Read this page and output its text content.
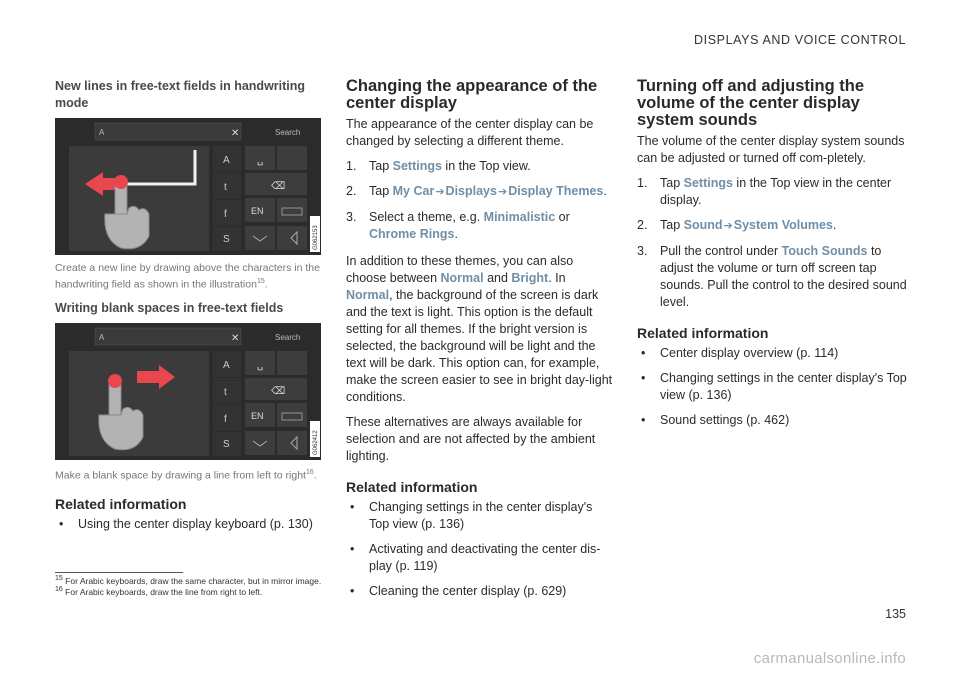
DISPLAYS AND VOICE CONTROL
New lines in free-text fields in handwriting mode
A	✕	Search
A
t
f
S
␣
⌫
EN
G062153
Create a new line by drawing above the characters in the handwriting field as shown in the illustration$^{15}$.
Writing blank spaces in free-text fields
A	✕	Search
A
t
f
S
␣
⌫
EN
G062412
Make a blank space by drawing a line from left to right$^{16}$.
Related information
• Using the center display keyboard (p. 130)
Changing the appearance of the center display

The appearance of the center display can be changed by selecting a different theme.

1. Tap Settings in the Top view.
2. Tap My Car➔Displays➔Display Themes.
3. Select a theme, e.g. Minimalistic or Chrome Rings.

In addition to these themes, you can also choose between Normal and Bright. In Normal, the background of the screen is dark and the text is light. This option is the default setting for all themes. If the bright version is selected, the background will be light and the text will be dark. This option can, for example, make the screen easier to see in bright day-light conditions.

These alternatives are always available for selection and are not affected by the ambient lighting.

Related information
• Changing settings in the center display's Top view (p. 136)
• Activating and deactivating the center dis-play (p. 119)
• Cleaning the center display (p. 629)
Turning off and adjusting the volume of the center display system sounds

The volume of the center display system sounds can be adjusted or turned off com-pletely.

1. Tap Settings in the Top view in the center display.
2. Tap Sound➔System Volumes.
3. Pull the control under Touch Sounds to adjust the volume or turn off screen tap sounds. Pull the control to the desired sound level.
Related information
• Center display overview (p. 114)
• Changing settings in the center display's Top view (p. 136)
• Sound settings (p. 462)
$^{15}$ For Arabic keyboards, draw the same character, but in mirror image.
$^{16}$ For Arabic keyboards, draw the line from right to left.
135
carmanualsonline.info
